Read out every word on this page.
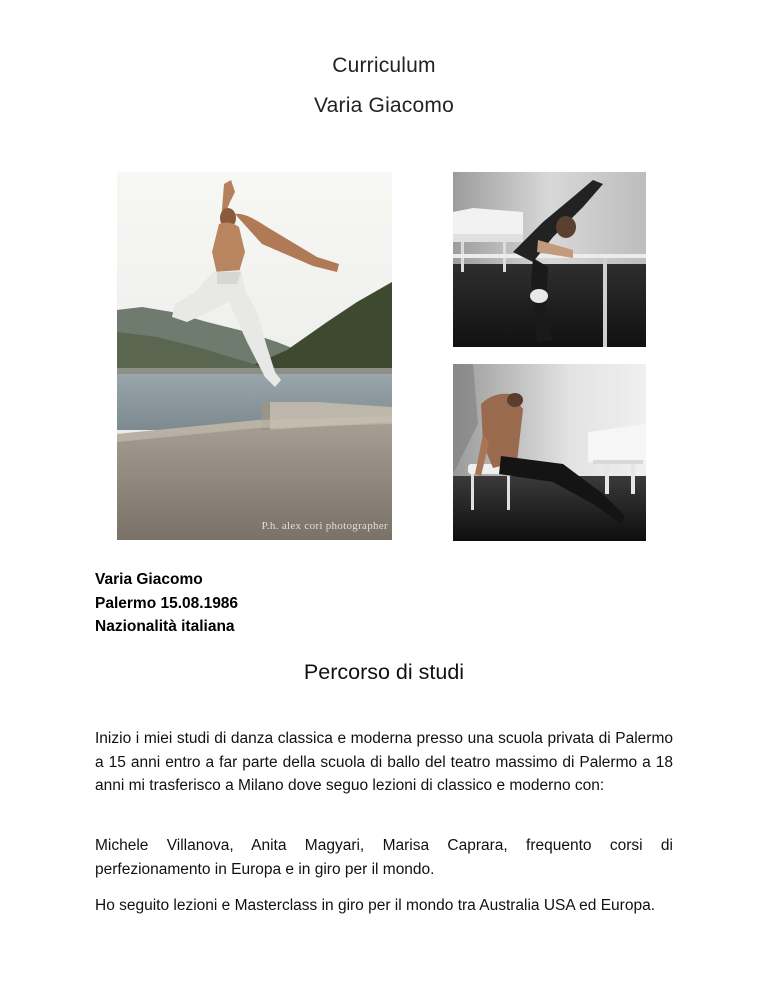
Curriculum
Varia Giacomo
P.h. alex cori photographer
Varia Giacomo
Palermo 15.08.1986
Nazionalità italiana
Percorso di studi
Inizio i miei studi di danza classica e moderna presso una scuola privata di Palermo a 15 anni entro a far parte della scuola di ballo del teatro massimo di Palermo a 18 anni mi trasferisco a Milano dove seguo lezioni di classico e moderno con:
Michele Villanova, Anita Magyari, Marisa Caprara, frequento corsi di perfezionamento in Europa e in giro per il mondo.
Ho seguito lezioni e Masterclass in giro per il mondo tra Australia USA ed Europa.
